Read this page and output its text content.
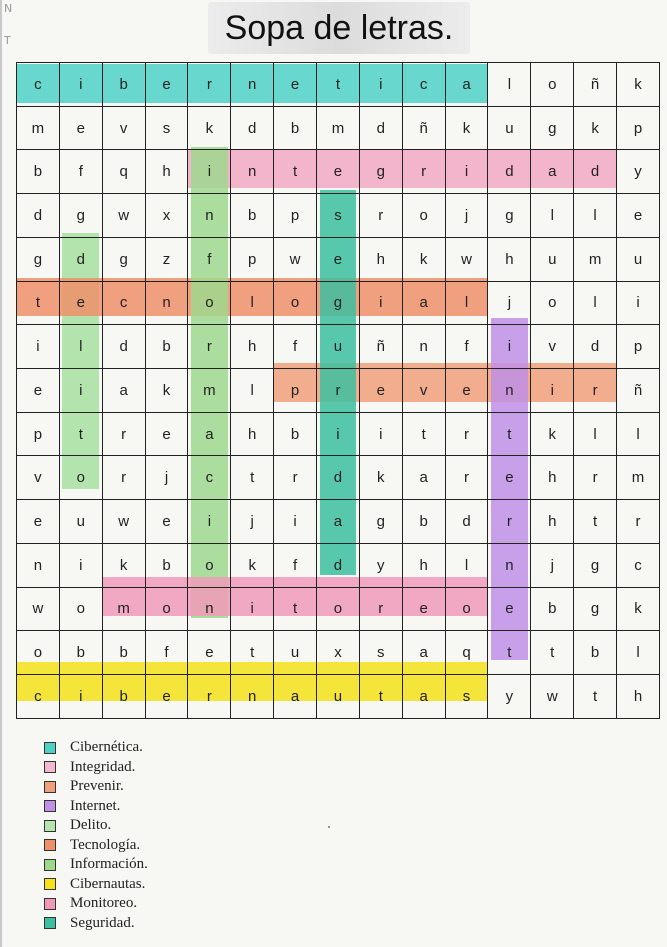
N
T	Sopa de letras.
c	i	b	e	r	n	e	t	i	c	a	l	o	ñ	k
m	e	v	s	k	d	b	m	d	ñ	k	u	g	k	p
b	f	q	h	i	n	t	e	g	r	i	d	a	d	y
d	g	w	x	n	b	p	s	r	o	j	g	l	l	e
g	d	g	z	f	p	w	e	h	k	w	h	u	m	u
t	e	c	n	o	l	o	g	i	a	l	j	o	l	i
i	l	d	b	r	h	f	u	ñ	n	f	i	v	d	p
e	i	a	k	m	l	p	r	e	v	e	n	i	r	ñ
p	t	r	e	a	h	b	i	i	t	r	t	k	l	l
v	o	r	j	c	t	r	d	k	a	r	e	h	r	m
e	u	w	e	i	j	i	a	g	b	d	r	h	t	r
n	i	k	b	o	k	f	d	y	h	l	n	j	g	c
w	o	m	o	n	i	t	o	r	e	o	e	b	g	k
o	b	b	f	e	t	u	x	s	a	q	t	t	b	l
c	i	b	e	r	n	a	u	t	a	s	y	w	t	h
Cibernética.
Integridad.
Prevenir.
Internet.
Delito.
Tecnología.
Información.
Cibernautas.
Monitoreo.
Seguridad.
